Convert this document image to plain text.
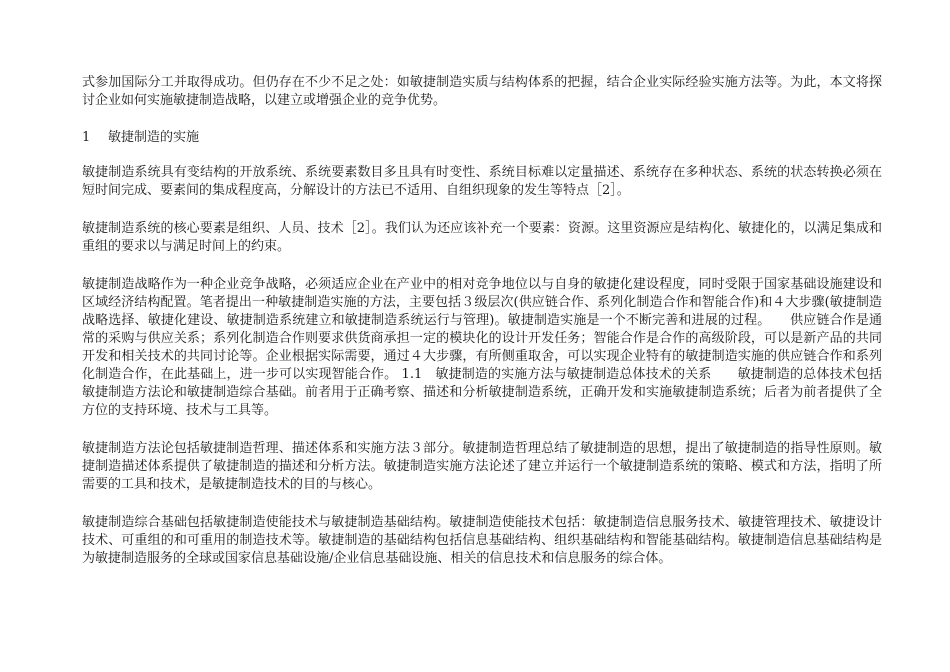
式参加国际分工并取得成功。但仍存在不少不足之处：如敏捷制造实质与结构体系的把握，结合企业实际经验实施方法等。为此，本文将探讨企业如何实施敏捷制造战略，以建立或增强企业的竞争优势。

1 敏捷制造的实施

敏捷制造系统具有变结构的开放系统、系统要素数目多且具有时变性、系统目标难以定量描述、系统存在多种状态、系统的状态转换必须在短时间完成、要素间的集成程度高，分解设计的方法已不适用、自组织现象的发生等特点［2］。

敏捷制造系统的核心要素是组织、人员、技术［2］。我们认为还应该补充一个要素：资源。这里资源应是结构化、敏捷化的，以满足集成和重组的要求以与满足时间上的约束。

敏捷制造战略作为一种企业竞争战略，必须适应企业在产业中的相对竞争地位以与自身的敏捷化建设程度，同时受限于国家基础设施建设和区域经济结构配置。笔者提出一种敏捷制造实施的方法，主要包括３级层次(供应链合作、系列化制造合作和智能合作)和４大步骤(敏捷制造战略选择、敏捷化建设、敏捷制造系统建立和敏捷制造系统运行与管理)。敏捷制造实施是一个不断完善和进展的过程。　　供应链合作是通常的采购与供应关系；系列化制造合作则要求供货商承担一定的模块化的设计开发任务；智能合作是合作的高级阶段，可以是新产品的共同开发和相关技术的共同讨论等。企业根据实际需要，通过４大步骤，有所侧重取舍，可以实现企业特有的敏捷制造实施的供应链合作和系列化制造合作，在此基础上，进一步可以实现智能合作。 1.1　敏捷制造的实施方法与敏捷制造总体技术的关系　　敏捷制造的总体技术包括敏捷制造方法论和敏捷制造综合基础。前者用于正确考察、描述和分析敏捷制造系统，正确开发和实施敏捷制造系统；后者为前者提供了全方位的支持环境、技术与工具等。

敏捷制造方法论包括敏捷制造哲理、描述体系和实施方法３部分。敏捷制造哲理总结了敏捷制造的思想，提出了敏捷制造的指导性原则。敏捷制造描述体系提供了敏捷制造的描述和分析方法。敏捷制造实施方法论述了建立并运行一个敏捷制造系统的策略、模式和方法，指明了所需要的工具和技术，是敏捷制造技术的目的与核心。

敏捷制造综合基础包括敏捷制造使能技术与敏捷制造基础结构。敏捷制造使能技术包括：敏捷制造信息服务技术、敏捷管理技术、敏捷设计技术、可重组的和可重用的制造技术等。敏捷制造的基础结构包括信息基础结构、组织基础结构和智能基础结构。敏捷制造信息基础结构是为敏捷制造服务的全球或国家信息基础设施/企业信息基础设施、相关的信息技术和信息服务的综合体。
